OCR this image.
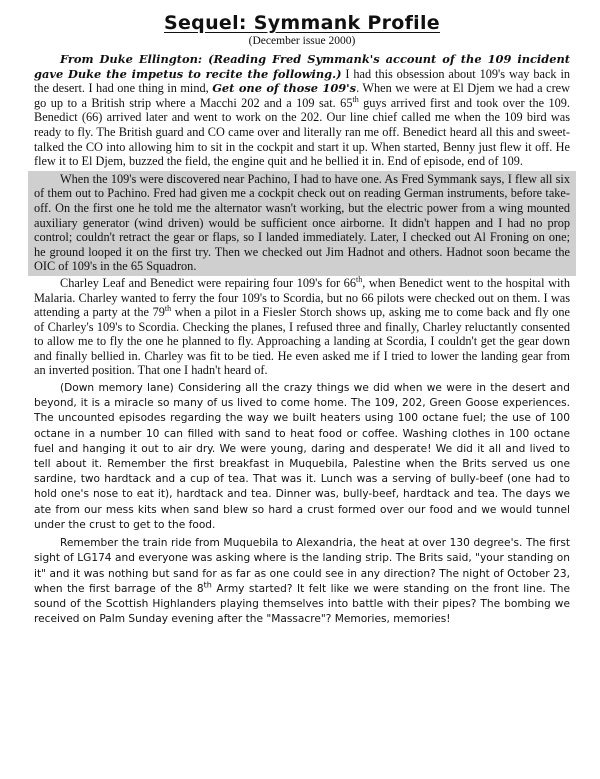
Sequel: Symmank Profile
(December issue 2000)

From Duke Ellington: (Reading Fred Symmank's account of the 109 incident gave Duke the impetus to recite the following.) I had this obsession about 109's way back in the desert. I had one thing in mind, Get one of those 109's. When we were at El Djem we had a crew go up to a British strip where a Macchi 202 and a 109 sat. 65th guys arrived first and took over the 109. Benedict (66) arrived later and went to work on the 202. Our line chief called me when the 109 bird was ready to fly. The British guard and CO came over and literally ran me off. Benedict heard all this and sweet-talked the CO into allowing him to sit in the cockpit and start it up. When started, Benny just flew it off. He flew it to El Djem, buzzed the field, the engine quit and he bellied it in. End of episode, end of 109.

When the 109's were discovered near Pachino, I had to have one. As Fred Symmank says, I flew all six of them out to Pachino. Fred had given me a cockpit check out on reading German instruments, before take-off. On the first one he told me the alternator wasn't working, but the electric power from a wing mounted auxiliary generator (wind driven) would be sufficient once airborne. It didn't happen and I had no prop control; couldn't retract the gear or flaps, so I landed immediately. Later, I checked out Al Froning on one; he ground looped it on the first try. Then we checked out Jim Hadnot and others. Hadnot soon became the OIC of 109's in the 65 Squadron.

Charley Leaf and Benedict were repairing four 109's for 66th, when Benedict went to the hospital with Malaria. Charley wanted to ferry the four 109's to Scordia, but no 66 pilots were checked out on them. I was attending a party at the 79th when a pilot in a Fiesler Storch shows up, asking me to come back and fly one of Charley's 109's to Scordia. Checking the planes, I refused three and finally, Charley reluctantly consented to allow me to fly the one he planned to fly. Approaching a landing at Scordia, I couldn't get the gear down and finally bellied in. Charley was fit to be tied. He even asked me if I tried to lower the landing gear from an inverted position. That one I hadn't heard of.

(Down memory lane) Considering all the crazy things we did when we were in the desert and beyond, it is a miracle so many of us lived to come home. The 109, 202, Green Goose experiences. The uncounted episodes regarding the way we built heaters using 100 octane fuel; the use of 100 octane in a number 10 can filled with sand to heat food or coffee. Washing clothes in 100 octane fuel and hanging it out to air dry. We were young, daring and desperate! We did it all and lived to tell about it. Remember the first breakfast in Muquebila, Palestine when the Brits served us one sardine, two hardtack and a cup of tea. That was it. Lunch was a serving of bully-beef (one had to hold one's nose to eat it), hardtack and tea. Dinner was, bully-beef, hardtack and tea. The days we ate from our mess kits when sand blew so hard a crust formed over our food and we would tunnel under the crust to get to the food.

Remember the train ride from Muquebila to Alexandria, the heat at over 130 degree's. The first sight of LG174 and everyone was asking where is the landing strip. The Brits said, "your standing on it" and it was nothing but sand for as far as one could see in any direction? The night of October 23, when the first barrage of the 8th Army started? It felt like we were standing on the front line. The sound of the Scottish Highlanders playing themselves into battle with their pipes? The bombing we received on Palm Sunday evening after the "Massacre"? Memories, memories!
